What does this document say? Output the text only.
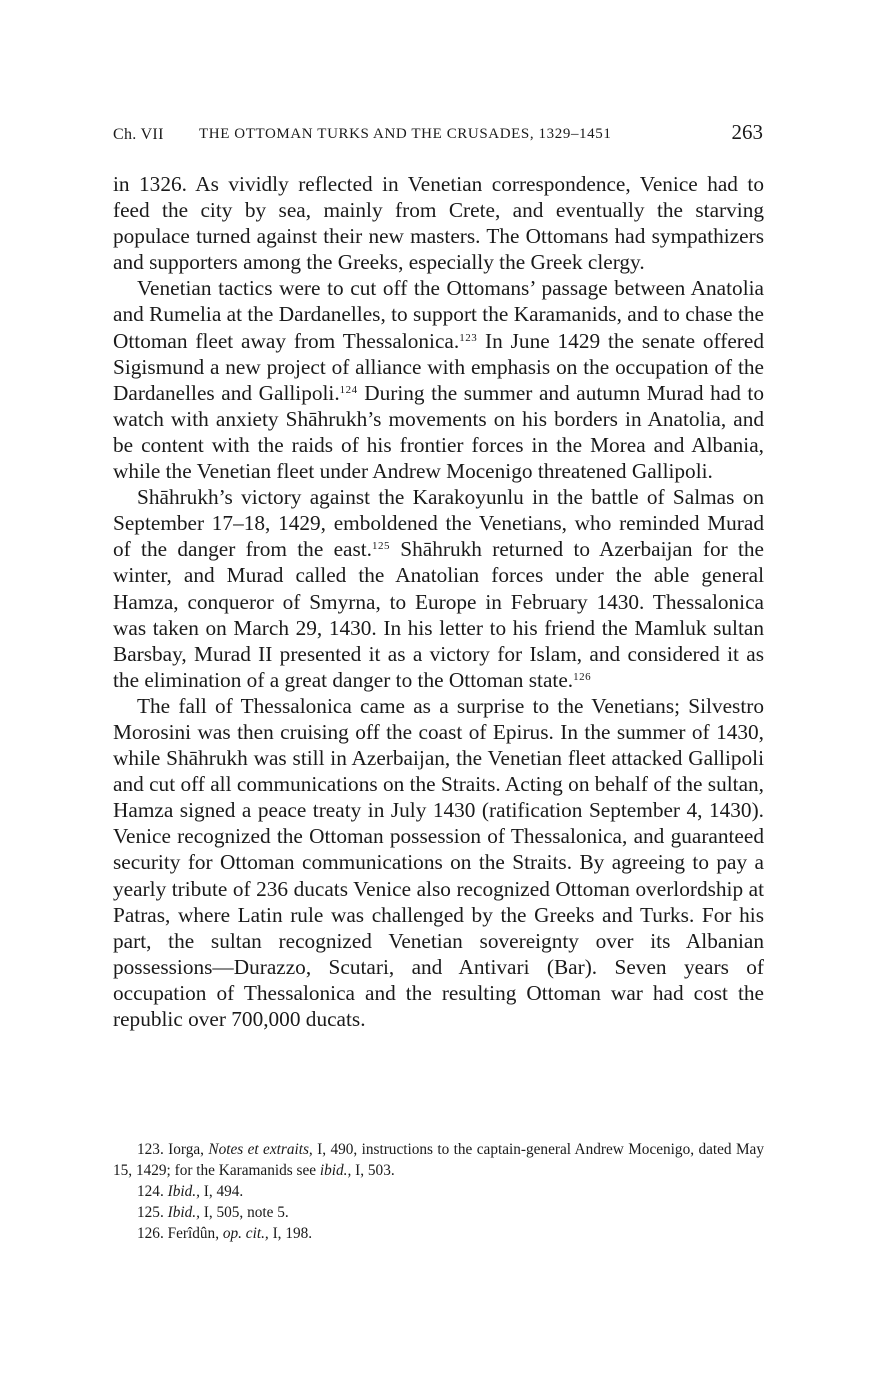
Ch. VII THE OTTOMAN TURKS AND THE CRUSADES, 1329–1451	263

in 1326. As vividly reflected in Venetian correspondence, Venice had to feed the city by sea, mainly from Crete, and eventually the starving populace turned against their new masters. The Ottomans had sympathizers and supporters among the Greeks, especially the Greek clergy.

Venetian tactics were to cut off the Ottomans’ passage between Anatolia and Rumelia at the Dardanelles, to support the Karamanids, and to chase the Ottoman fleet away from Thessalonica.$^{123}$ In June 1429 the senate offered Sigismund a new project of alliance with emphasis on the occupation of the Dardanelles and Gallipoli.$^{124}$ During the summer and autumn Murad had to watch with anxiety Shāhrukh’s movements on his borders in Anatolia, and be content with the raids of his frontier forces in the Morea and Albania, while the Venetian fleet under Andrew Mocenigo threatened Gallipoli.

Shāhrukh’s victory against the Karakoyunlu in the battle of Salmas on September 17–18, 1429, emboldened the Venetians, who reminded Murad of the danger from the east.$^{125}$ Shāhrukh returned to Azerbaijan for the winter, and Murad called the Anatolian forces under the able general Hamza, conqueror of Smyrna, to Europe in February 1430. Thessalonica was taken on March 29, 1430. In his letter to his friend the Mamluk sultan Barsbay, Murad II presented it as a victory for Islam, and considered it as the elimination of a great danger to the Ottoman state.$^{126}$

The fall of Thessalonica came as a surprise to the Venetians; Silvestro Morosini was then cruising off the coast of Epirus. In the summer of 1430, while Shāhrukh was still in Azerbaijan, the Venetian fleet attacked Gallipoli and cut off all communications on the Straits. Acting on behalf of the sultan, Hamza signed a peace treaty in July 1430 (ratification September 4, 1430). Venice recognized the Ottoman possession of Thessalonica, and guaranteed security for Ottoman communications on the Straits. By agreeing to pay a yearly tribute of 236 ducats Venice also recognized Ottoman overlordship at Patras, where Latin rule was challenged by the Greeks and Turks. For his part, the sultan recognized Venetian sovereignty over its Albanian possessions—Durazzo, Scutari, and Antivari (Bar). Seven years of occupation of Thessalonica and the resulting Ottoman war had cost the republic over 700,000 ducats.

123. Iorga, Notes et extraits, I, 490, instructions to the captain-general Andrew Mocenigo, dated May 15, 1429; for the Karamanids see ibid., I, 503.

124. Ibid., I, 494.

125. Ibid., I, 505, note 5.

126. Ferîdûn, op. cit., I, 198.
